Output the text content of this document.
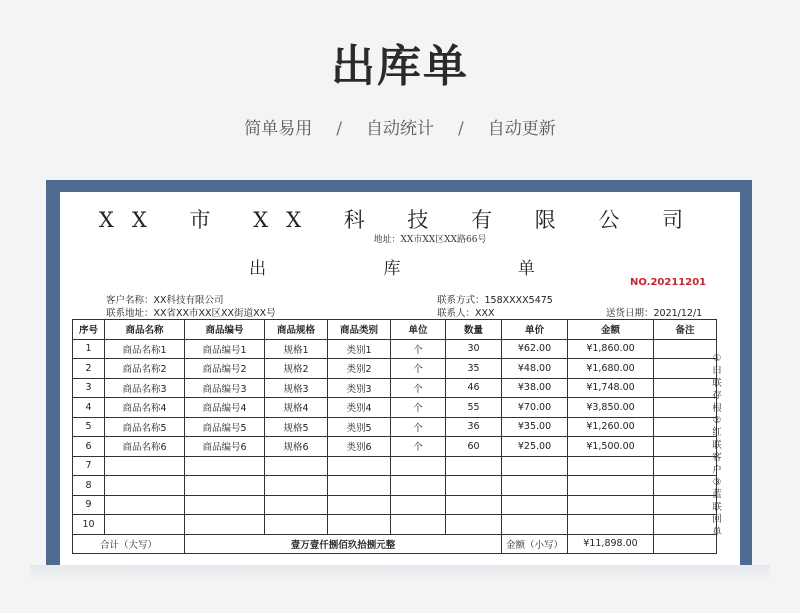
出库单
简单易用 / 自动统计 / 自动更新
XX 市 XX 科 技 有 限 公 司
地址：XX市XX区XX路66号
出 库 单
NO.20211201
客户名称：XX科技有限公司
联系地址：XX省XX市XX区XX街道XX号
联系方式：158XXXX5475
联系人：XXX	送货日期：2021/12/1
序号	商品名称	商品编号	商品规格	商品类别	单位	数量	单价	金额	备注
1	商品名称1	商品编号1	规格1	类别1	个	30	¥62.00	¥1,860.00	
2	商品名称2	商品编号2	规格2	类别2	个	35	¥48.00	¥1,680.00	
3	商品名称3	商品编号3	规格3	类别3	个	46	¥38.00	¥1,748.00	
4	商品名称4	商品编号4	规格4	类别4	个	55	¥70.00	¥3,850.00	
5	商品名称5	商品编号5	规格5	类别5	个	36	¥35.00	¥1,260.00	
6	商品名称6	商品编号6	规格6	类别6	个	60	¥25.00	¥1,500.00	
7									
8									
9									
10									
合计（大写）		壹万壹仟捌佰玖拾捌元整					金额（小写）	¥11,898.00	
①
白
联
存
根
②
红
联
客
户
③
蓝
联
回
单
